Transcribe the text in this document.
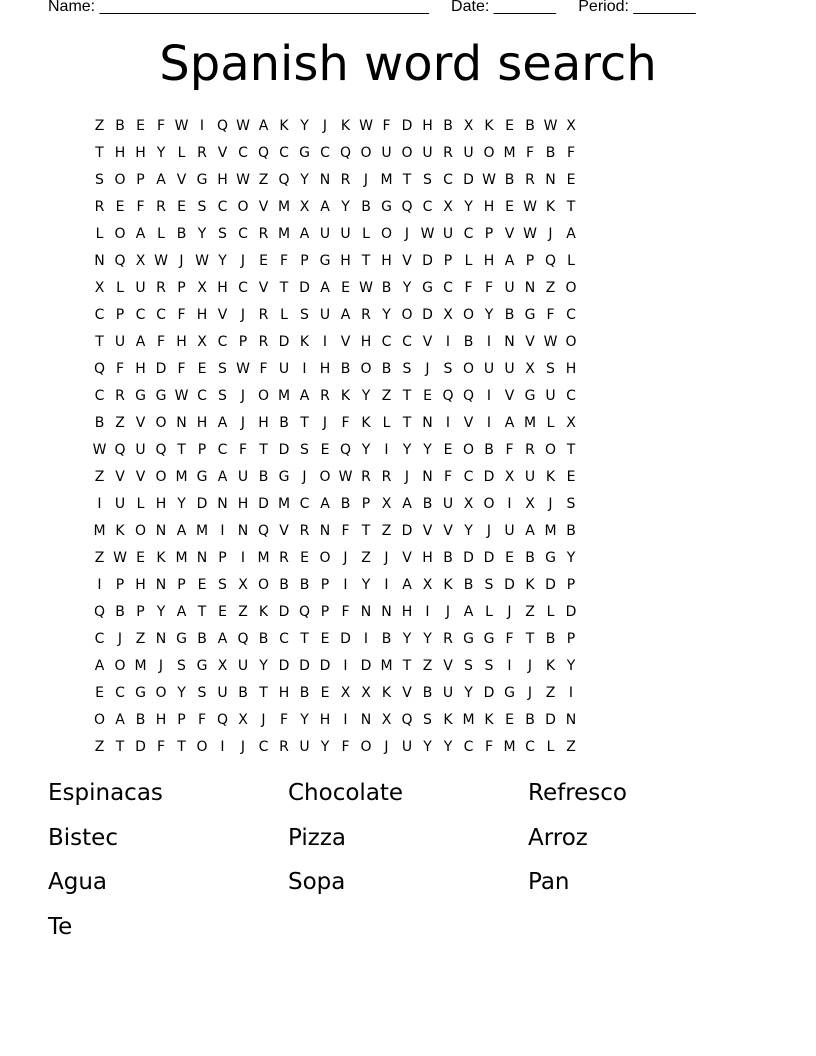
Name: _____________________________________     Date: _______     Period: _______
Spanish word search
Z B E F W I Q W A K Y	J K W F D H B X K E B W X
T H H Y L R V C Q C G C Q O U O U R U O M F B F
S O P A V G H W Z Q Y N R J M T S C D W B R N E
R E F R E S C O V M X A Y B G Q C X Y H E W K T
L O A L B Y S C R M A U U L O J W U C P V W J A
N Q X W J W Y	J	E F P G H T H V D P L H A P Q L
X L U R P X H C V T D A E W B Y G C F F U N Z O
C P C C F H V J R L S U A R Y O D X O Y B G F C
T U A F H X C P R D K I V H C C V I B I N V W O
Q F H D F E S W F U I H B O B S J S O U U X S H
C R G G W C S J O M A R K Y Z T E Q Q I V G U C
B Z V O N H A J H B T	J	F K L T N I V I A M L X
W Q U Q T P C F T D S E Q Y	I	Y Y E O B F R O T
Z V V O M G A U B G J O W R R J N F C D X U K E
I U L H Y D N H D M C A B P X A B U X O I X J S
M K O N A M I N Q V R N F T Z D V V Y	J U A M B
Z W E K M N P	I M R E O J Z J V H B D D E B G Y
I	P H N P E S X O B B P	I	Y	I A X K B S D K D P
Q B P Y A T E Z K D Q P F N N H I	J A L	J Z L D
C J Z N G B A Q B C T E D I B Y Y R G G F T B P
A O M J S G X U Y D D D I D M T Z V S S I	J K Y
E C G O Y S U B T H B E X X K V B U Y D G J Z I
O A B H P F Q X J	F Y H I N X Q S K M K E B D N
Z T D F T O I	J C R U Y F O J U Y Y C F M C L Z
Espinacas	Chocolate	Refresco
Bistec	Pizza	Arroz
Agua	Sopa	Pan
Te
